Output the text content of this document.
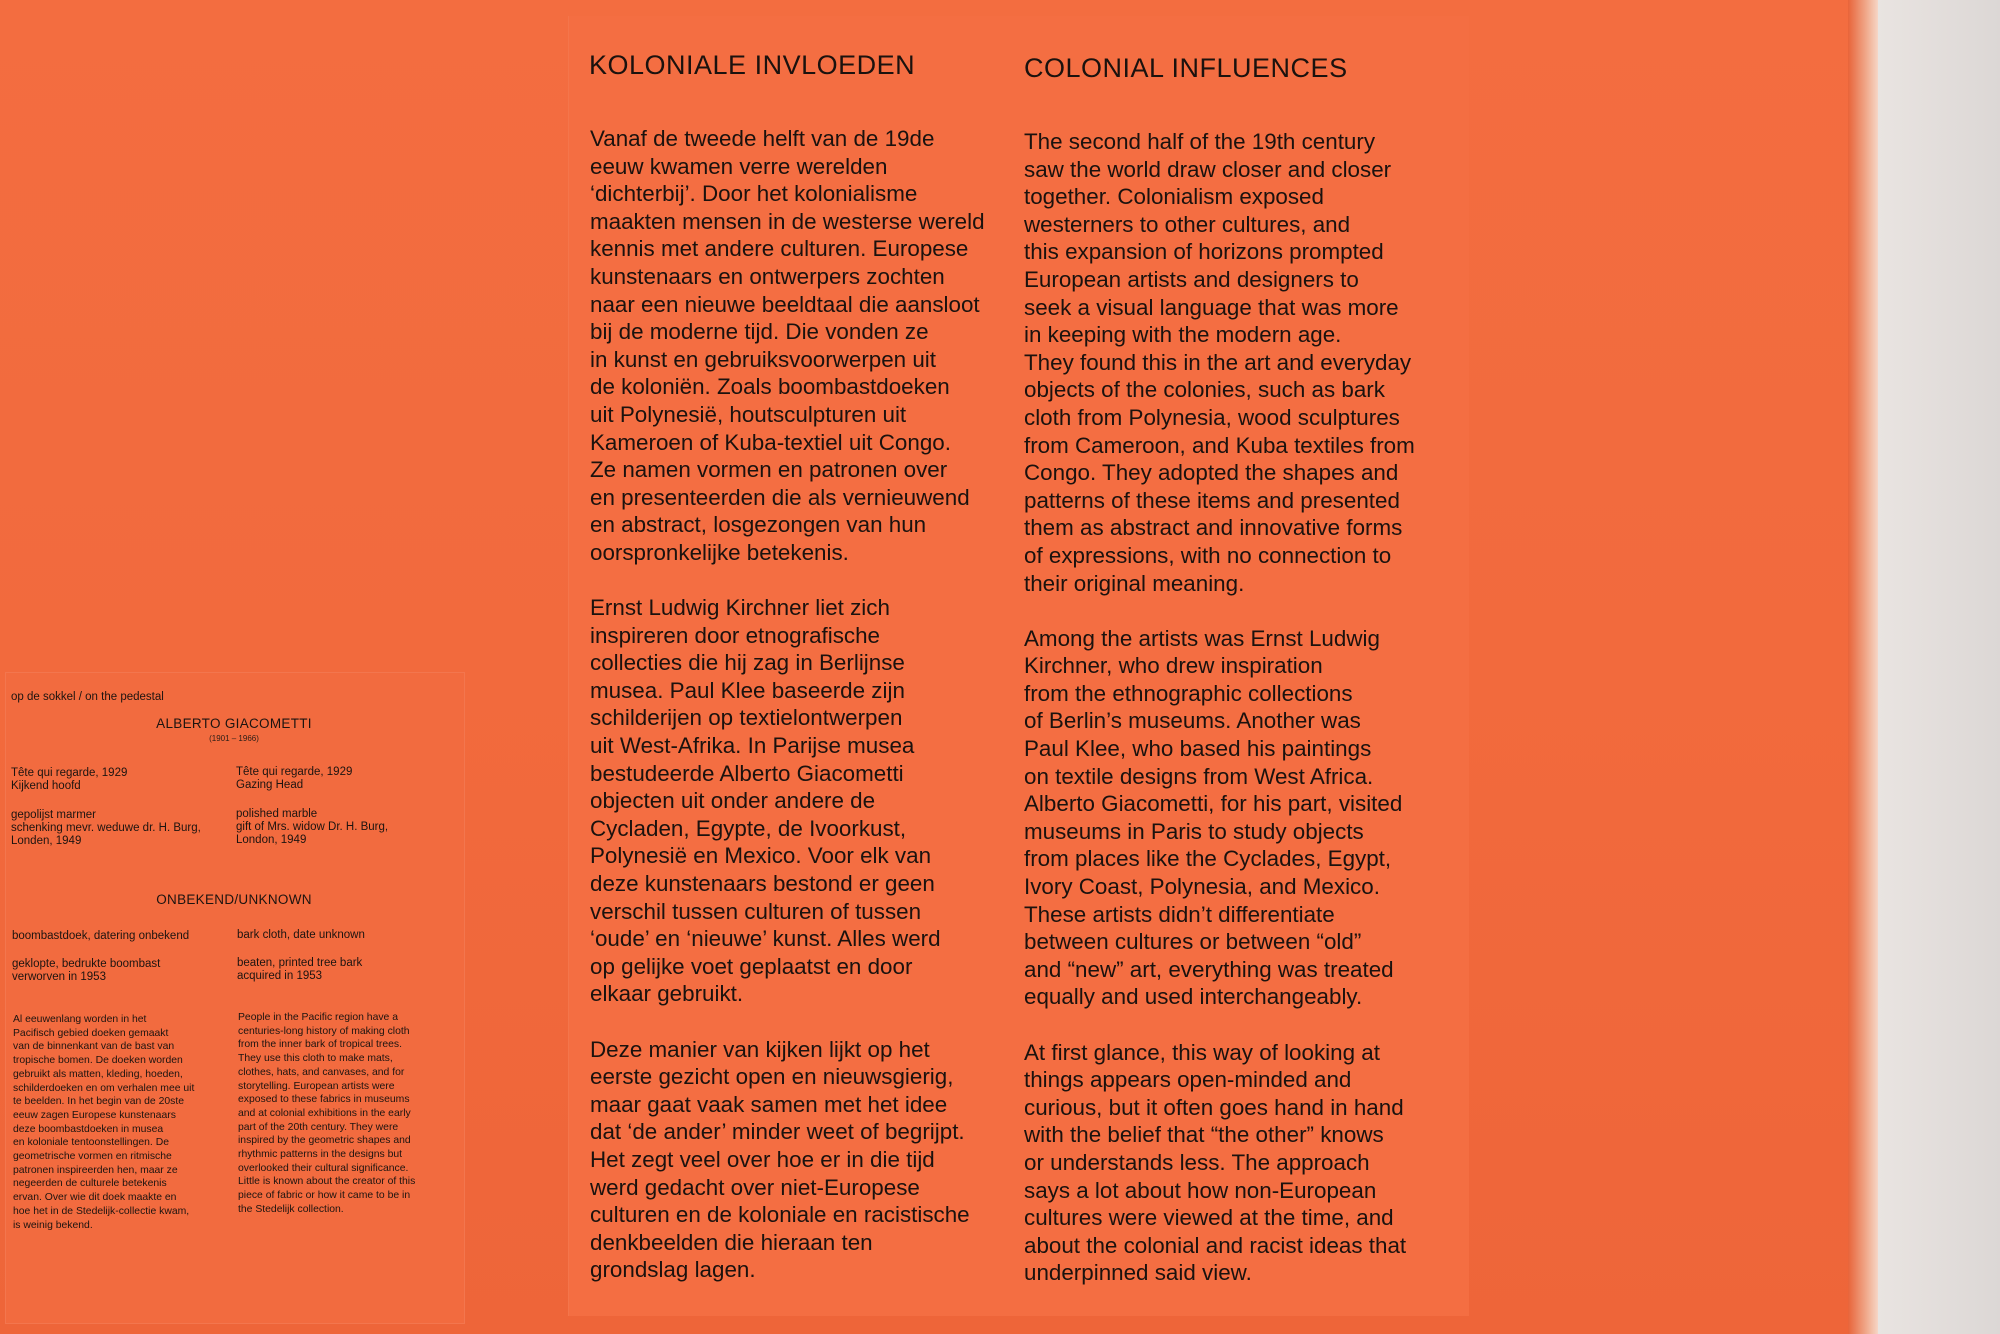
KOLONIALE INVLOEDEN	COLONIAL INFLUENCES

Vanaf de tweede helft van de 19de
eeuw kwamen verre werelden
‘dichterbij’. Door het kolonialisme
maakten mensen in de westerse wereld
kennis met andere culturen. Europese
kunstenaars en ontwerpers zochten
naar een nieuwe beeldtaal die aansloot
bij de moderne tijd. Die vonden ze
in kunst en gebruiksvoorwerpen uit
de koloniën. Zoals boombastdoeken
uit Polynesië, houtsculpturen uit
Kameroen of Kuba-textiel uit Congo.
Ze namen vormen en patronen over
en presenteerden die als vernieuwend
en abstract, losgezongen van hun
oorspronkelijke betekenis.

Ernst Ludwig Kirchner liet zich
inspireren door etnografische
collecties die hij zag in Berlijnse
musea. Paul Klee baseerde zijn
schilderijen op textielontwerpen
uit West-Afrika. In Parijse musea
bestudeerde Alberto Giacometti
objecten uit onder andere de
Cycladen, Egypte, de Ivoorkust,
Polynesië en Mexico. Voor elk van
deze kunstenaars bestond er geen
verschil tussen culturen of tussen
‘oude’ en ‘nieuwe’ kunst. Alles werd
op gelijke voet geplaatst en door
elkaar gebruikt.

Deze manier van kijken lijkt op het
eerste gezicht open en nieuwsgierig,
maar gaat vaak samen met het idee
dat ‘de ander’ minder weet of begrijpt.
Het zegt veel over hoe er in die tijd
werd gedacht over niet-Europese
culturen en de koloniale en racistische
denkbeelden die hieraan ten
grondslag lagen.

The second half of the 19th century
saw the world draw closer and closer
together. Colonialism exposed
westerners to other cultures, and
this expansion of horizons prompted
European artists and designers to
seek a visual language that was more
in keeping with the modern age.
They found this in the art and everyday
objects of the colonies, such as bark
cloth from Polynesia, wood sculptures
from Cameroon, and Kuba textiles from
Congo. They adopted the shapes and
patterns of these items and presented
them as abstract and innovative forms
of expressions, with no connection to
their original meaning.

Among the artists was Ernst Ludwig
Kirchner, who drew inspiration
from the ethnographic collections
of Berlin’s museums. Another was
Paul Klee, who based his paintings
on textile designs from West Africa.
Alberto Giacometti, for his part, visited
museums in Paris to study objects
from places like the Cyclades, Egypt,
Ivory Coast, Polynesia, and Mexico.
These artists didn’t differentiate
between cultures or between “old”
and “new” art, everything was treated
equally and used interchangeably.

At first glance, this way of looking at
things appears open-minded and
curious, but it often goes hand in hand
with the belief that “the other” knows
or understands less. The approach
says a lot about how non-European
cultures were viewed at the time, and
about the colonial and racist ideas that
underpinned said view.

op de sokkel / on the pedestal
ALBERTO GIACOMETTI
(1901 – 1966)
Tête qui regarde, 1929
Kijkend hoofd
Tête qui regarde, 1929
Gazing Head
gepolijst marmer
schenking mevr. weduwe dr. H. Burg,
Londen, 1949
polished marble
gift of Mrs. widow Dr. H. Burg,
London, 1949
ONBEKEND/UNKNOWN
boombastdoek, datering onbekend	bark cloth, date unknown
geklopte, bedrukte boombast
verworven in 1953
beaten, printed tree bark
acquired in 1953
Al eeuwenlang worden in het
Pacifisch gebied doeken gemaakt
van de binnenkant van de bast van
tropische bomen. De doeken worden
gebruikt als matten, kleding, hoeden,
schilderdoeken en om verhalen mee uit
te beelden. In het begin van de 20ste
eeuw zagen Europese kunstenaars
deze boombastdoeken in musea
en koloniale tentoonstellingen. De
geometrische vormen en ritmische
patronen inspireerden hen, maar ze
negeerden de culturele betekenis
ervan. Over wie dit doek maakte en
hoe het in de Stedelijk-collectie kwam,
is weinig bekend.
People in the Pacific region have a
centuries-long history of making cloth
from the inner bark of tropical trees.
They use this cloth to make mats,
clothes, hats, and canvases, and for
storytelling. European artists were
exposed to these fabrics in museums
and at colonial exhibitions in the early
part of the 20th century. They were
inspired by the geometric shapes and
rhythmic patterns in the designs but
overlooked their cultural significance.
Little is known about the creator of this
piece of fabric or how it came to be in
the Stedelijk collection.
